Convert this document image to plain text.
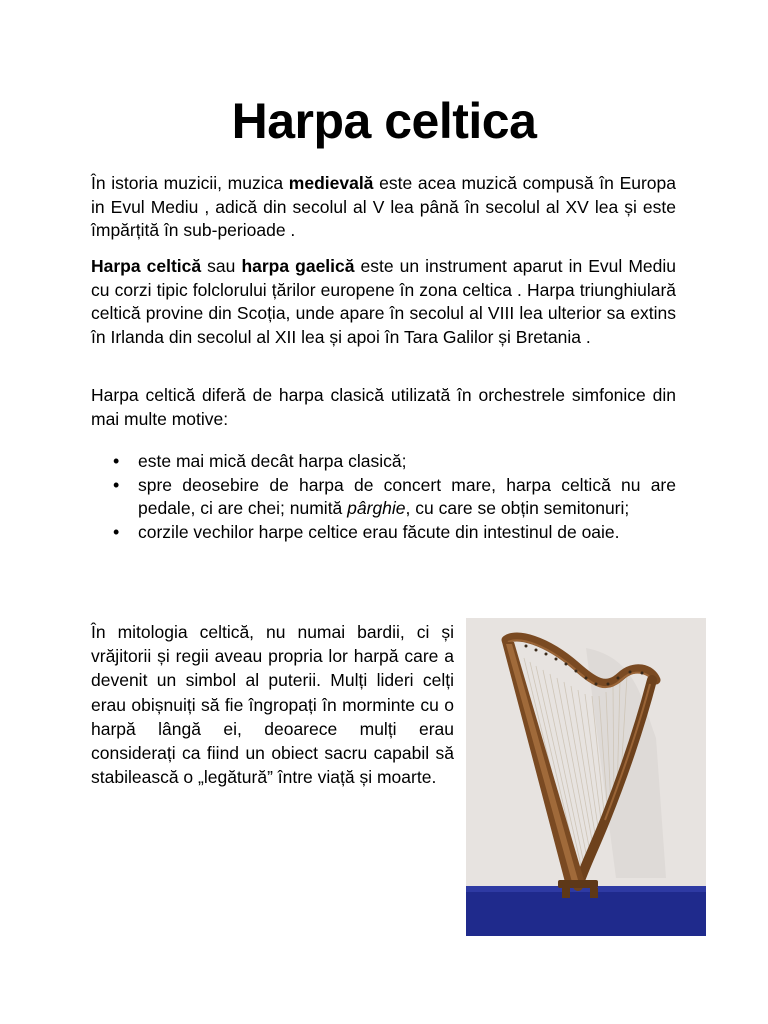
Harpa celtica

În istoria muzicii, muzica medievală este acea muzică compusă în Europa in Evul Mediu , adică din secolul al V lea până în secolul al XV lea și este împărțită în sub-perioade .

Harpa celtică sau harpa gaelică este un instrument aparut in Evul Mediu cu corzi tipic folclorului țărilor europene în zona celtica . Harpa triunghiulară celtică provine din Scoția, unde apare în secolul al VIII lea ulterior sa extins în Irlanda din secolul al XII lea și apoi în Tara Galilor și Bretania .

Harpa celtică diferă de harpa clasică utilizată în orchestrele simfonice din mai multe motive:

• este mai mică decât harpa clasică;
• spre deosebire de harpa de concert mare, harpa celtică nu are pedale, ci are chei; numită pârghie, cu care se obțin semitonuri;
• corzile vechilor harpe celtice erau făcute din intestinul de oaie.

În mitologia celtică, nu numai bardii, ci și vrăjitorii și regii aveau propria lor harpă care a devenit un simbol al puterii. Mulți lideri celți erau obișnuiți să fie îngropați în morminte cu o harpă lângă ei, deoarece mulți erau considerați ca fiind un obiect sacru capabil să stabilească o „legătură” între viață și moarte.
